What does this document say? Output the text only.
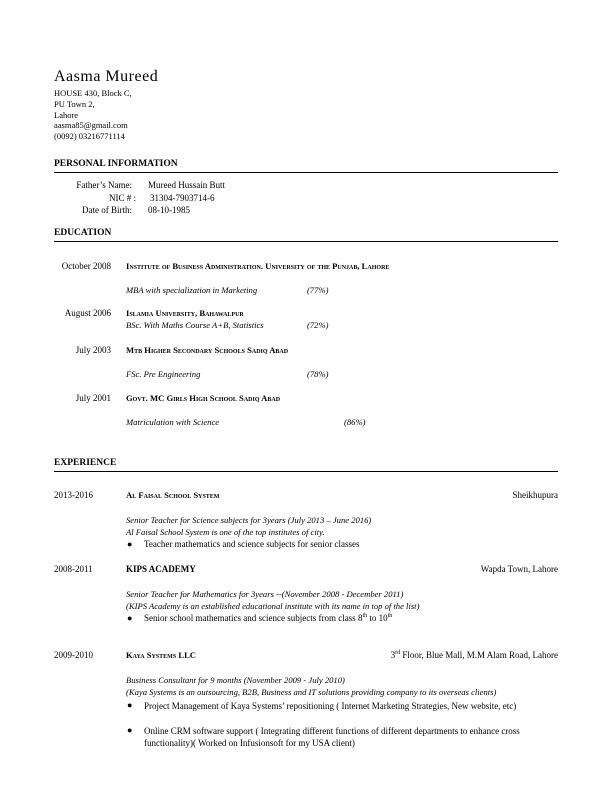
Aasma Mureed
HOUSE 430, Block C,
PU Town 2,
Lahore
aasma85@gmail.com
(0092) 03216771114
PERSONAL INFORMATION
Father’s Name: Mureed Hussain Butt
NIC # : 31304-7903714-6
Date of Birth: 08-10-1985
EDUCATION
October 2008 Institute of Business Administration. University of the Punjab, Lahore
MBA with specialization in Marketing	(77%)
August 2006 Islamia University, Bahawalpur
BSc. With Maths Course A+B, Statistics	(72%)
July 2003 Mtb Higher Secondary Schools Sadiq Abad
FSc. Pre Engineering	(78%)
July 2001 Govt. MC Girls High School Sadiq Abad
Matriculation with Science	(86%)
EXPERIENCE
2013-2016	Al Faisal School System	Sheikhupura
Senior Teacher for Science subjects for 3years (July 2013 – June 2016)
Al Faisal School System is one of the top institutes of city.
● Teacher mathematics and science subjects for senior classes
2008-2011	KIPS ACADEMY	Wapda Town, Lahore
Senior Teacher for Mathematics for 3years --(November 2008 - December 2011)
(KIPS Academy is an established educational institute with its name in top of the list)
● Senior school mathematics and science subjects from class 8th to 10th
2009-2010	Kaya Systems LLC	3rd Floor, Blue Mall, M.M Alam Road, Lahore
Business Consultant for 9 months (November 2009 - July 2010)
(Kaya Systems is an outsourcing, B2B, Business and IT solutions providing company to its overseas clients)
● Project Management of Kaya Systems’ repositioning ( Internet Marketing Strategies, New website, etc)
● Online CRM software support ( Integrating different functions of different departments to enhance cross functionality)( Worked on Infusionsoft for my USA client)
